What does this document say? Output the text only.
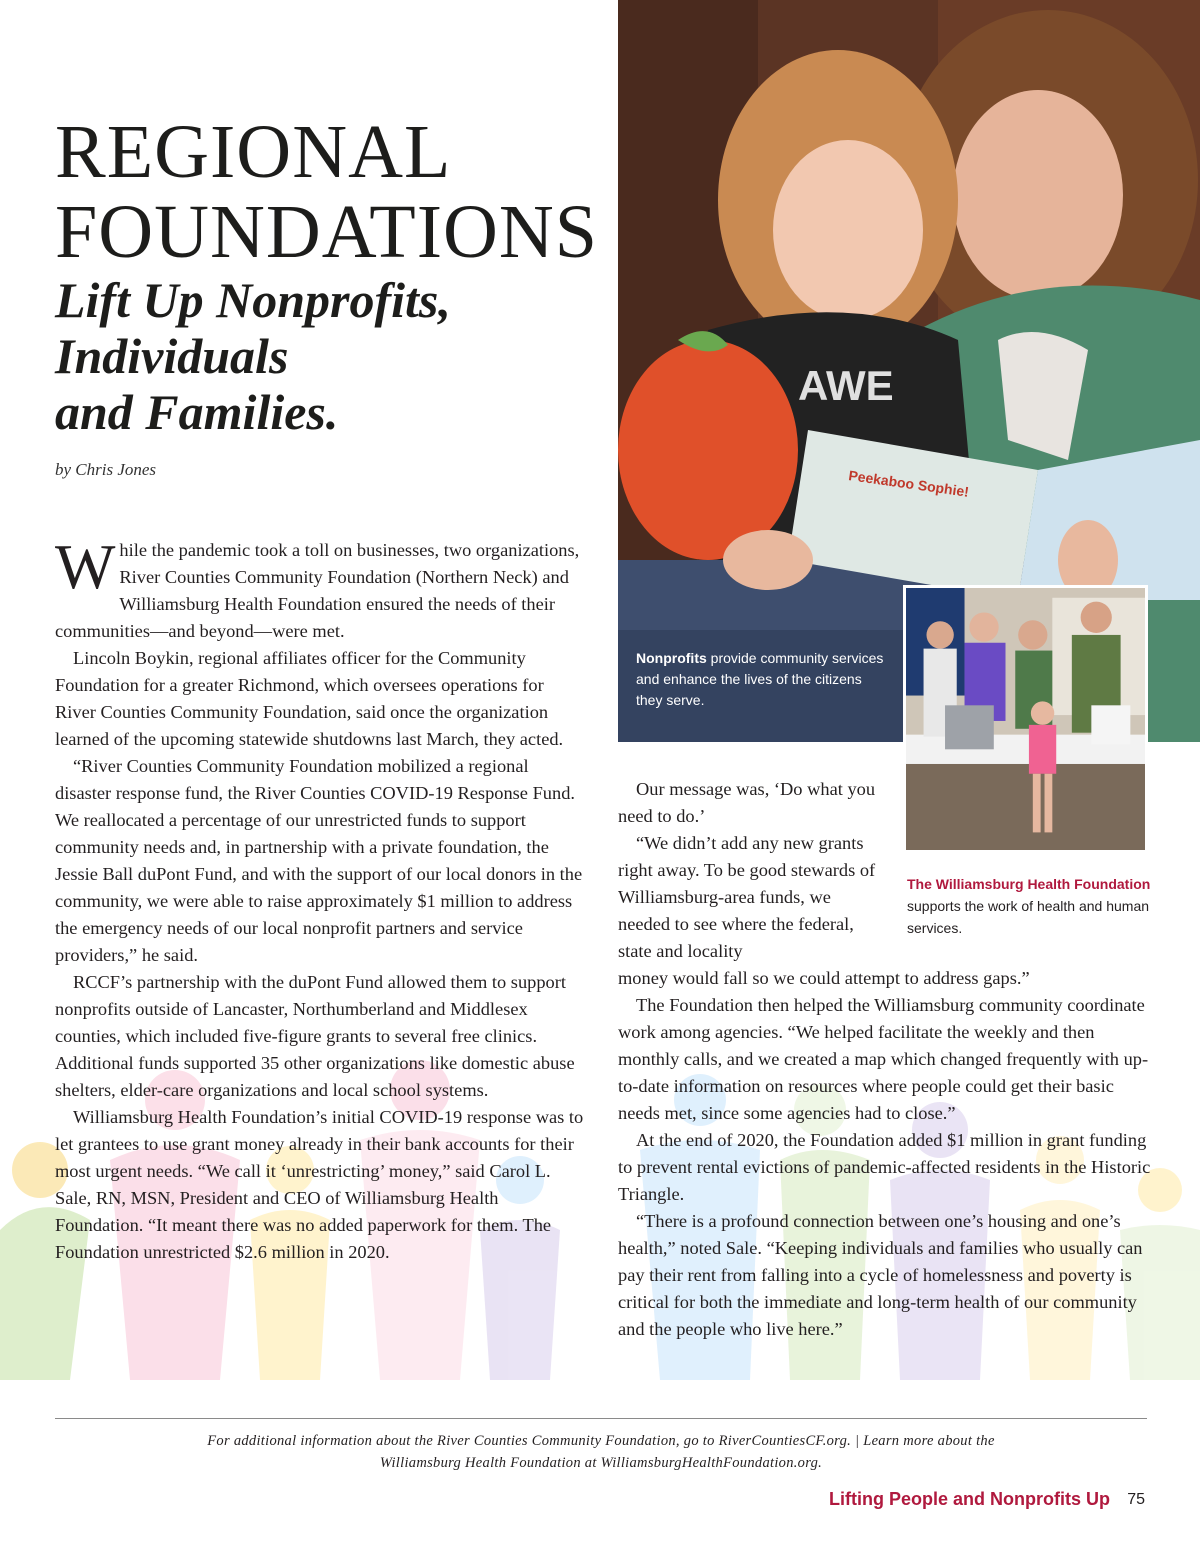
AWE
Peekaboo Sophie!
Nonprofits provide community services and enhance the lives of the citizens they serve.
The Williamsburg Health Foundation supports the work of health and human services.
REGIONAL
FOUNDATIONS
Lift Up Nonprofits,
Individuals
and Families.
by Chris Jones

While the pandemic took a toll on businesses, two organizations, River Counties Community Foundation (Northern Neck) and Williamsburg Health Foundation ensured the needs of their communities—and beyond—were met.

Lincoln Boykin, regional affiliates officer for the Community Foundation for a greater Richmond, which oversees operations for River Counties Community Foundation, said once the organization learned of the upcoming statewide shutdowns last March, they acted.

“River Counties Community Foundation mobilized a regional disaster response fund, the River Counties COVID-19 Response Fund. We reallocated a percentage of our unrestricted funds to support community needs and, in partnership with a private foundation, the Jessie Ball duPont Fund, and with the support of our local donors in the community, we were able to raise approximately $1 million to address the emergency needs of our local nonprofit partners and service providers,” he said.

RCCF’s partnership with the duPont Fund allowed them to support nonprofits outside of Lancaster, Northumberland and Middlesex counties, which included five-figure grants to several free clinics. Additional funds supported 35 other organizations like domestic abuse shelters, elder-care organizations and local school systems.

Williamsburg Health Foundation’s initial COVID-19 response was to let grantees to use grant money already in their bank accounts for their most urgent needs. “We call it ‘unrestricting’ money,” said Carol L. Sale, RN, MSN, President and CEO of Williamsburg Health Foundation. “It meant there was no added paperwork for them. The Foundation unrestricted $2.6 million in 2020.

Our message was, ‘Do what you need to do.’

“We didn’t add any new grants right away. To be good stewards of Williamsburg-area funds, we needed to see where the federal, state and locality

money would fall so we could attempt to address gaps.”

The Foundation then helped the Williamsburg community coordinate work among agencies. “We helped facilitate the weekly and then monthly calls, and we created a map which changed frequently with up-to-date information on resources where people could get their basic needs met, since some agencies had to close.”

At the end of 2020, the Foundation added $1 million in grant funding to prevent rental evictions of pandemic-affected residents in the Historic Triangle.

“There is a profound connection between one’s housing and one’s health,” noted Sale. “Keeping individuals and families who usually can pay their rent from falling into a cycle of homelessness and poverty is critical for both the immediate and long-term health of our community and the people who live here.”

For additional information about the River Counties Community Foundation, go to RiverCountiesCF.org. | Learn more about the
Williamsburg Health Foundation at WilliamsburgHealthFoundation.org.
Lifting People and Nonprofits Up 75
